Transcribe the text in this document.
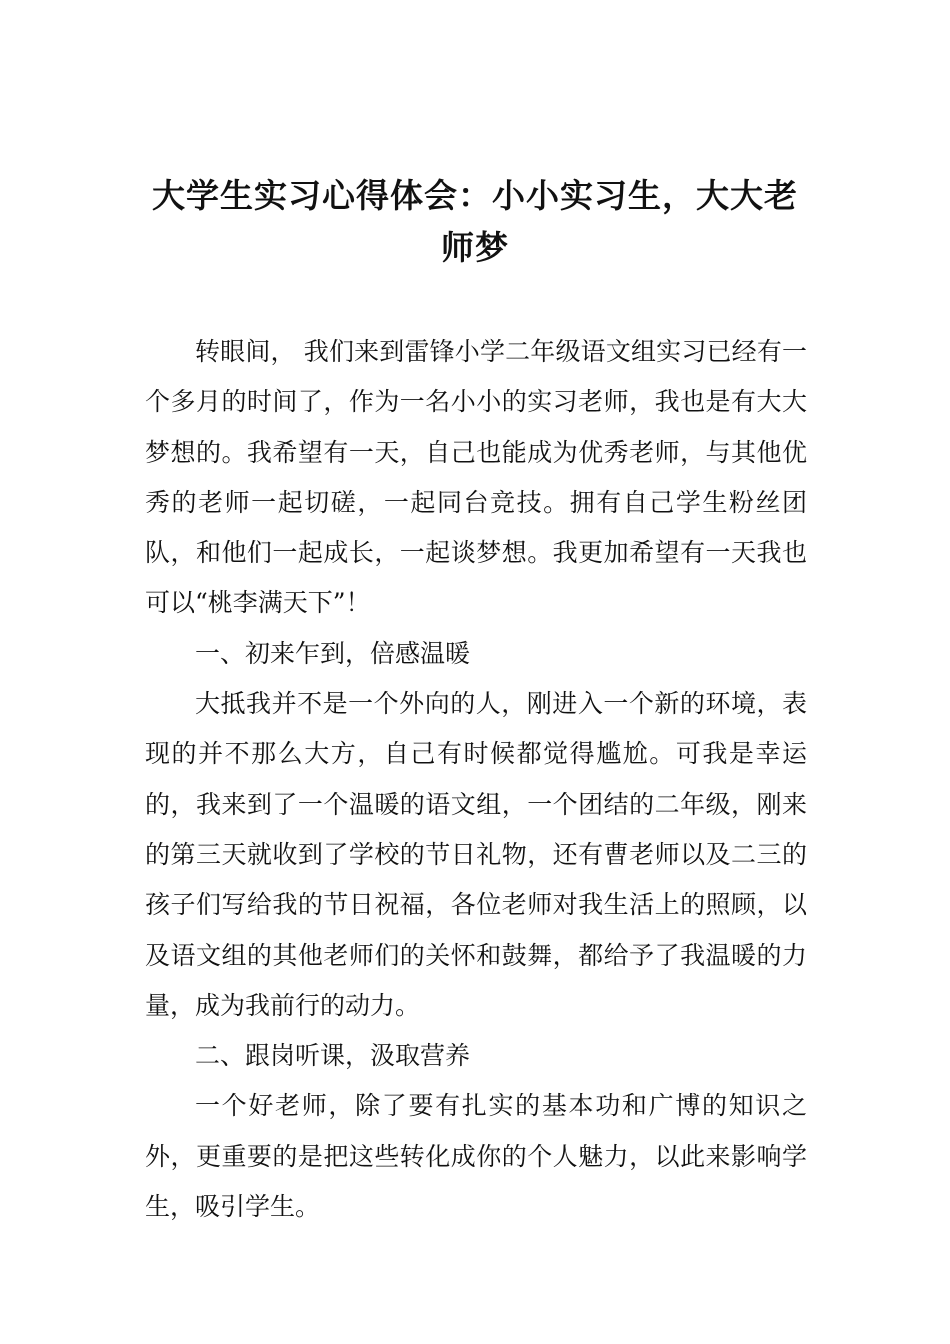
大学生实习心得体会：小小实习生，大大老师梦

转眼间， 我们来到雷锋小学二年级语文组实习已经有一个多月的时间了，作为一名小小的实习老师，我也是有大大梦想的。我希望有一天，自己也能成为优秀老师，与其他优秀的老师一起切磋，一起同台竞技。拥有自己学生粉丝团队，和他们一起成长，一起谈梦想。我更加希望有一天我也可以“桃李满天下”！

一、初来乍到，倍感温暖

大抵我并不是一个外向的人，刚进入一个新的环境，表现的并不那么大方，自己有时候都觉得尴尬。可我是幸运的，我来到了一个温暖的语文组，一个团结的二年级，刚来的第三天就收到了学校的节日礼物，还有曹老师以及二三的孩子们写给我的节日祝福，各位老师对我生活上的照顾，以及语文组的其他老师们的关怀和鼓舞，都给予了我温暖的力量，成为我前行的动力。

二、跟岗听课，汲取营养

一个好老师，除了要有扎实的基本功和广博的知识之外，更重要的是把这些转化成你的个人魅力，以此来影响学生，吸引学生。
